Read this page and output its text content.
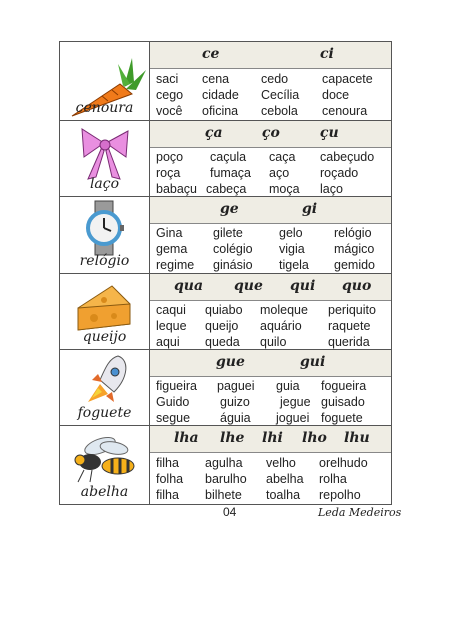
cenoura
ce	ci
saci cena	cedo	capacete
cego cidade Cecília doce
você oficina cebola cenoura
laço
ça	ço	çu
poço caçula caça cabeçudo
roça fumaça aço roçado
babaçu cabeça moça laço
relógio
ge	gi
Gina gilete	gelo	relógio
gema colégio vigia mágico
regime ginásio tigela gemido
queijo
qua que qui quo
caqui quiabo moleque periquito
leque queijo aquário raquete
aqui queda quilo	querida
foguete
gue	gui
figueira paguei guia fogueira
Guido guizo jegue guisado
segue águia joguei foguete
abelha
lha lhe lhi lho lhu
filha agulha velho orelhudo
folha barulho abelha rolha
filha bilhete toalha repolho
04	Leda Medeiros
